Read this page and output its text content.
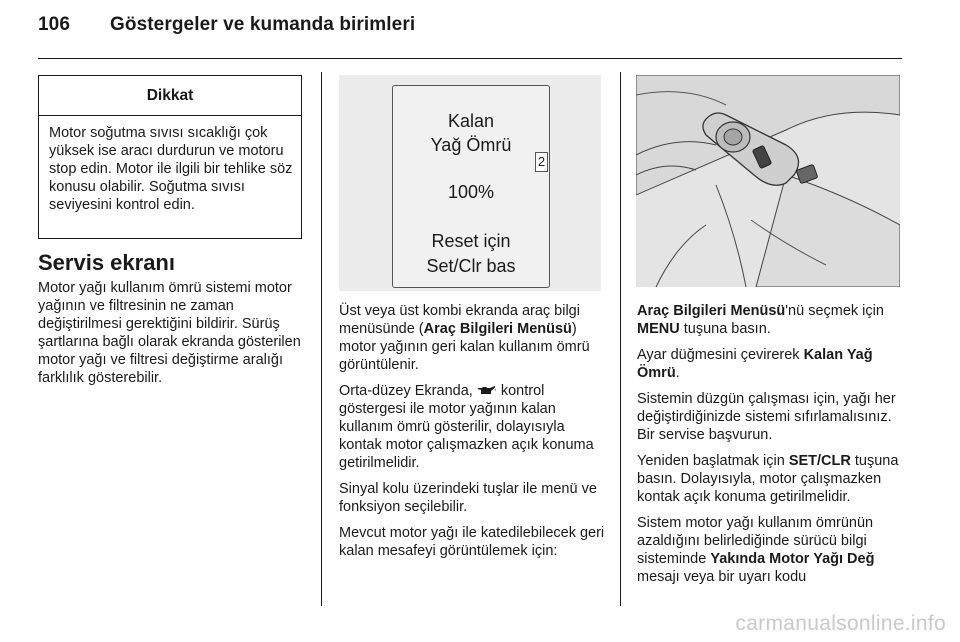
106 Göstergeler ve kumanda birimleri
Dikkat
Motor soğutma sıvısı sıcaklığı çok yüksek ise aracı durdurun ve motoru stop edin. Motor ile ilgili bir tehlike söz konusu olabilir. Soğutma sıvısı seviyesini kontrol edin.
Servis ekranı
Motor yağı kullanım ömrü sistemi motor yağının ve filtresinin ne zaman değiştirilmesi gerektiğini bildirir. Sürüş şartlarına bağlı olarak ekranda gösterilen motor yağı ve filtresi değiştirme aralığı farklılık gösterebilir.
Kalan
Yağ Ömrü
100%
Reset için
Set/Clr bas
2

Üst veya üst kombi ekranda araç bilgi menüsünde (Araç Bilgileri Menüsü) motor yağının geri kalan kullanım ömrü görüntülenir.

Orta-düzey Ekranda,  kontrol göstergesi ile motor yağının kalan kullanım ömrü gösterilir, dolayısıyla kontak motor çalışmazken açık konuma getirilmelidir.

Sinyal kolu üzerindeki tuşlar ile menü ve fonksiyon seçilebilir.

Mevcut motor yağı ile katedilebilecek geri kalan mesafeyi görüntülemek için:

Araç Bilgileri Menüsü'nü seçmek için MENU tuşuna basın.

Ayar düğmesini çevirerek Kalan Yağ Ömrü.

Sistemin düzgün çalışması için, yağı her değiştirdiğinizde sistemi sıfırlamalısınız. Bir servise başvurun.

Yeniden başlatmak için SET/CLR tuşuna basın. Dolayısıyla, motor çalışmazken kontak açık konuma getirilmelidir.

Sistem motor yağı kullanım ömrünün azaldığını belirlediğinde sürücü bilgi sisteminde Yakında Motor Yağı Değ mesajı veya bir uyarı kodu

carmanualsonline.info
